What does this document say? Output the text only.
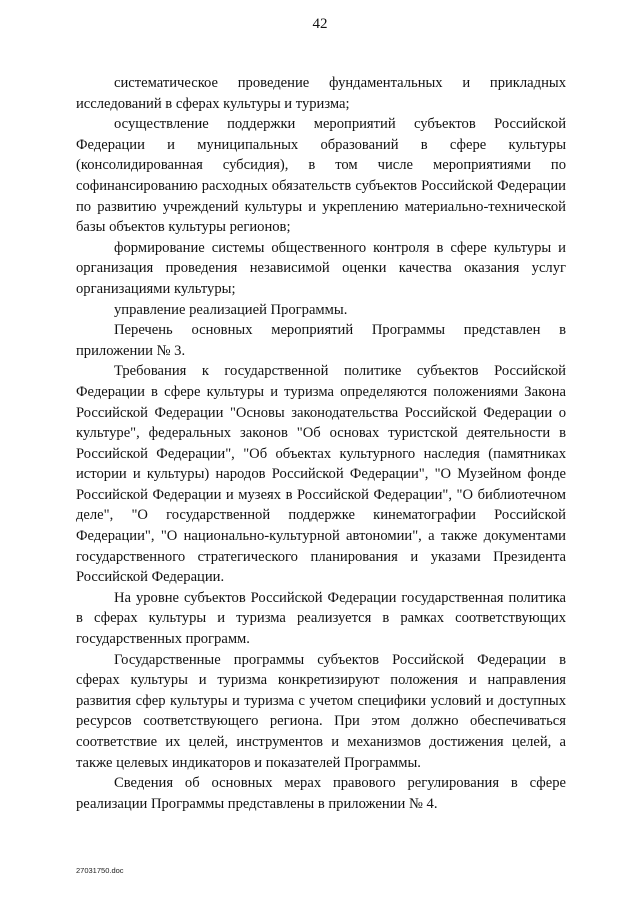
42

систематическое проведение фундаментальных и прикладных исследований в сферах культуры и туризма;

осуществление поддержки мероприятий субъектов Российской Федерации и муниципальных образований в сфере культуры (консолидированная субсидия), в том числе мероприятиями по софинансированию расходных обязательств субъектов Российской Федерации по развитию учреждений культуры и укреплению материально-технической базы объектов культуры регионов;

формирование системы общественного контроля в сфере культуры и организация проведения независимой оценки качества оказания услуг организациями культуры;

управление реализацией Программы.

Перечень основных мероприятий Программы представлен в приложении № 3.

Требования к государственной политике субъектов Российской Федерации в сфере культуры и туризма определяются положениями Закона Российской Федерации "Основы законодательства Российской Федерации о культуре", федеральных законов "Об основах туристской деятельности в Российской Федерации", "Об объектах культурного наследия (памятниках истории и культуры) народов Российской Федерации", "О Музейном фонде Российской Федерации и музеях в Российской Федерации", "О библиотечном деле", "О государственной поддержке кинематографии Российской Федерации", "О национально-культурной автономии", а также документами государственного стратегического планирования и указами Президента Российской Федерации.

На уровне субъектов Российской Федерации государственная политика в сферах культуры и туризма реализуется в рамках соответствующих государственных программ.

Государственные программы субъектов Российской Федерации в сферах культуры и туризма конкретизируют положения и направления развития сфер культуры и туризма с учетом специфики условий и доступных ресурсов соответствующего региона. При этом должно обеспечиваться соответствие их целей, инструментов и механизмов достижения целей, а также целевых индикаторов и показателей Программы.

Сведения об основных мерах правового регулирования в сфере реализации Программы представлены в приложении № 4.

27031750.doc
